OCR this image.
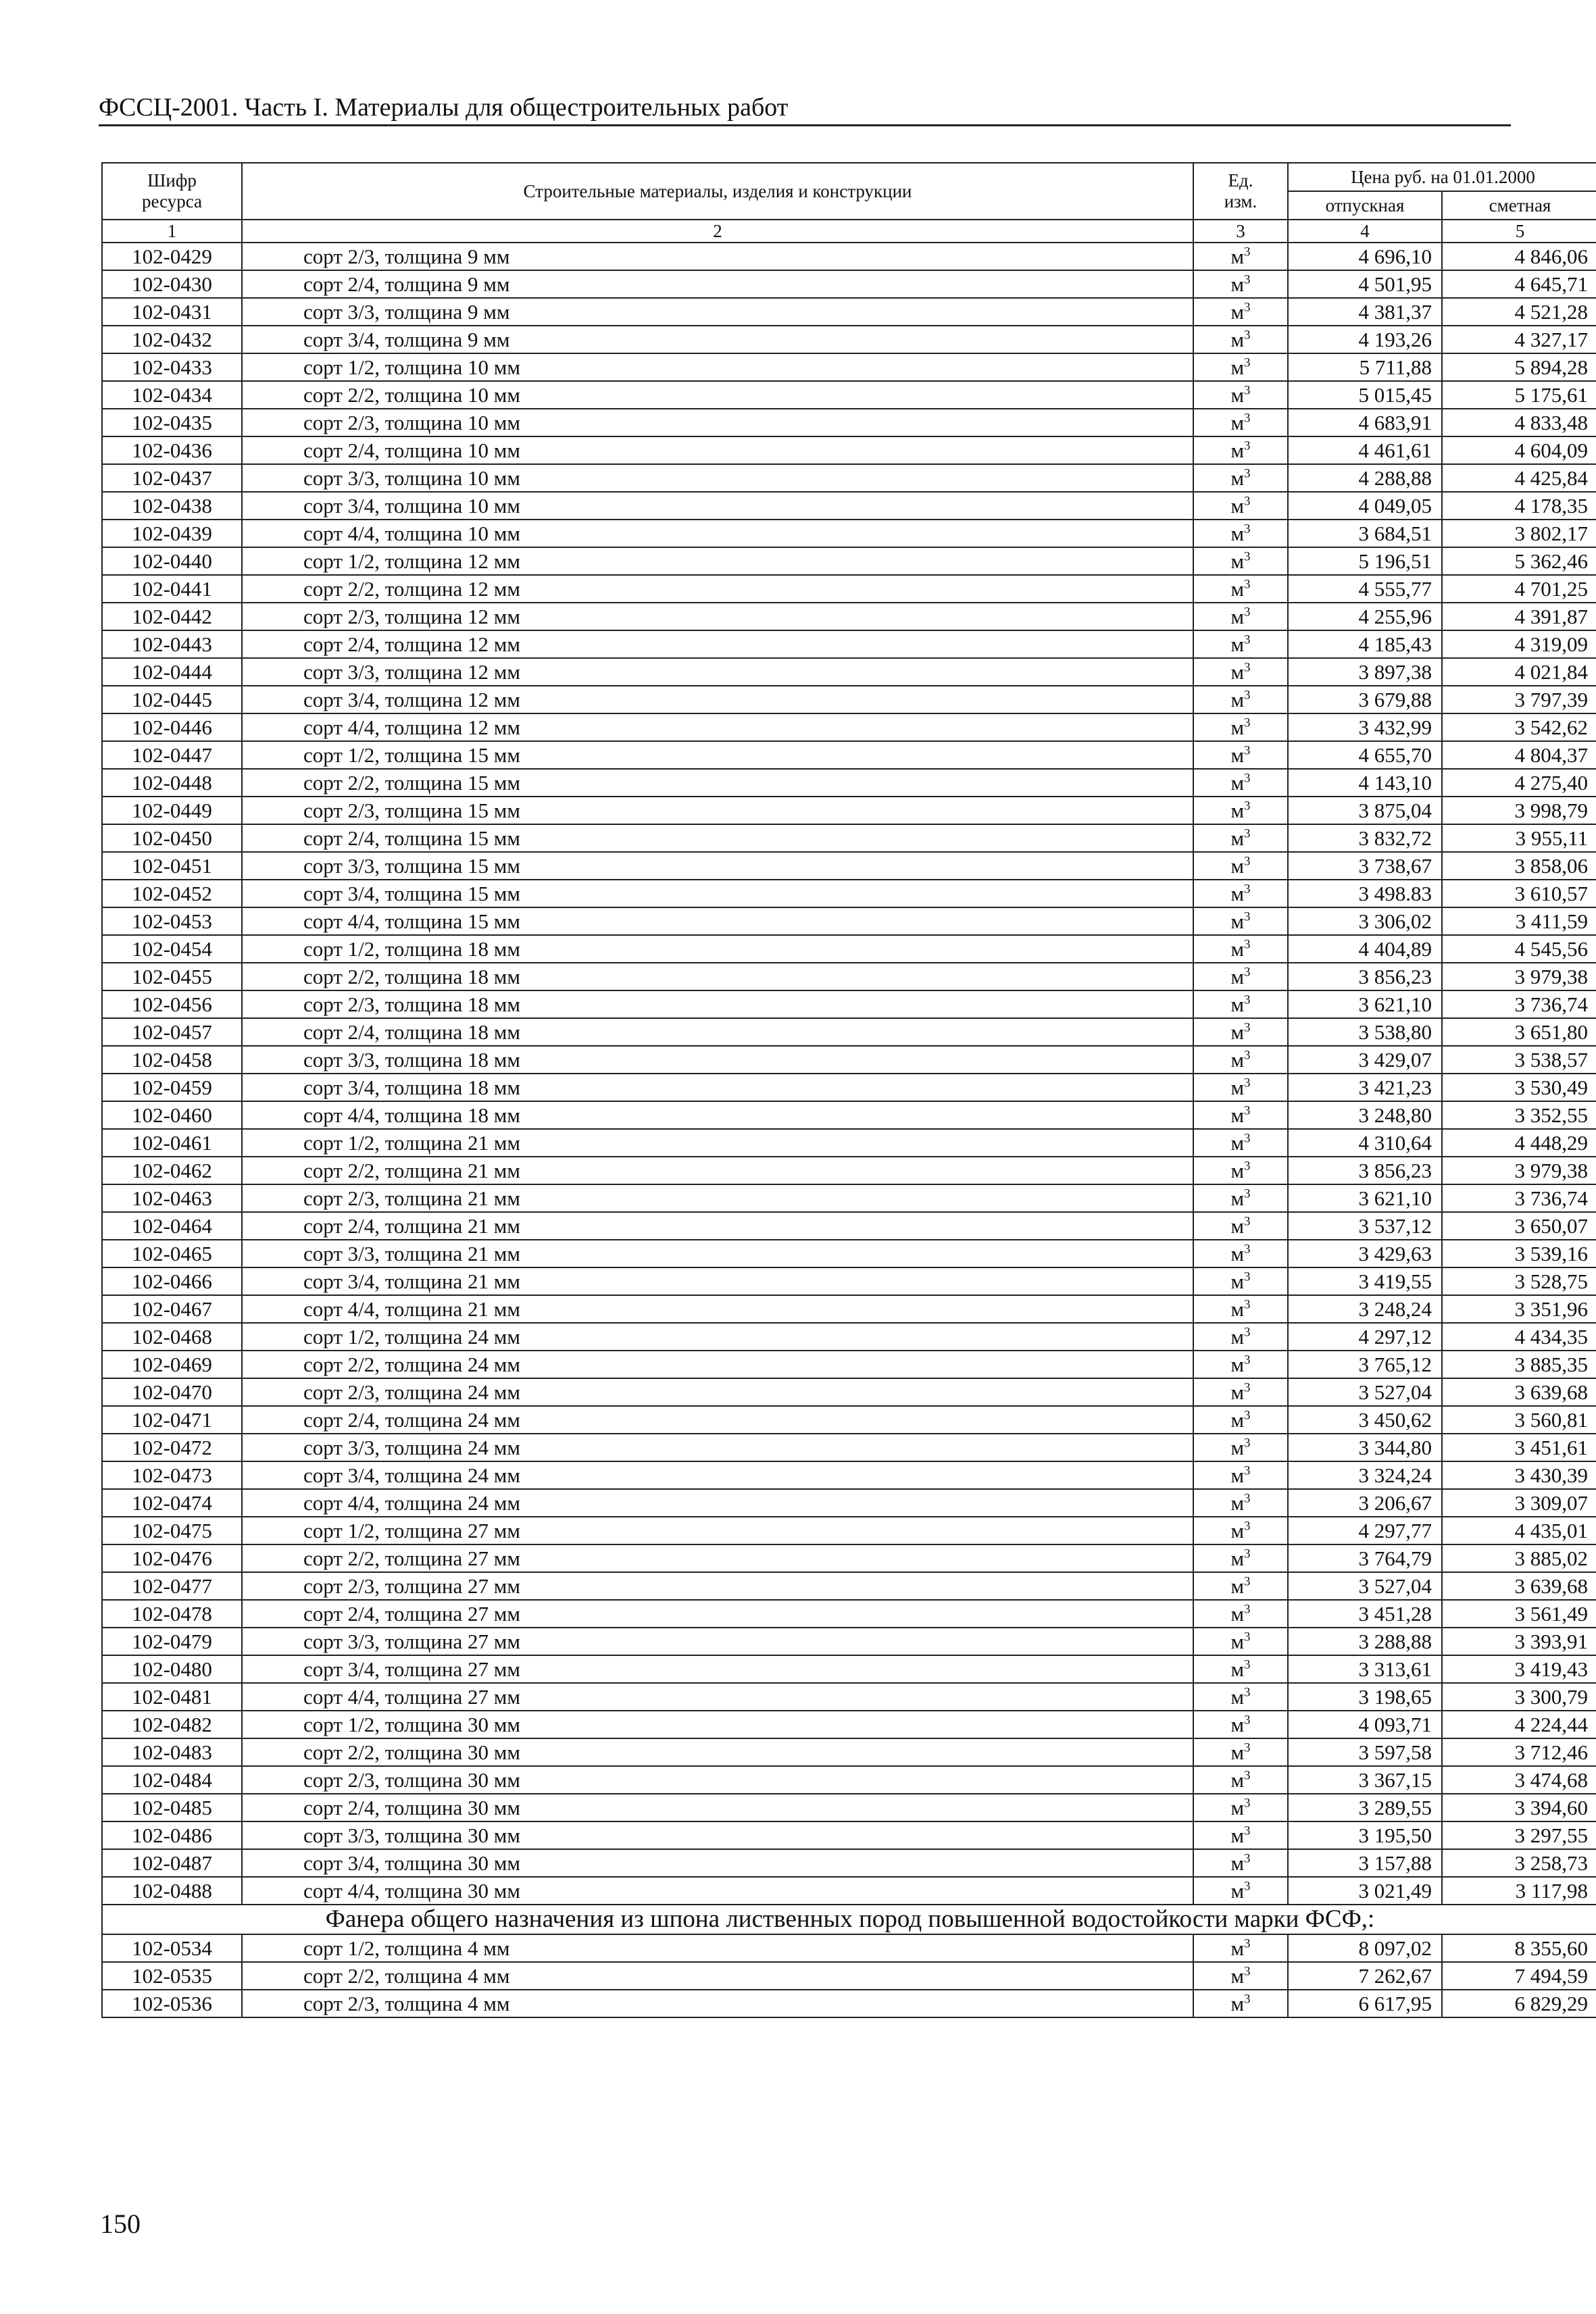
ФССЦ-2001. Часть I. Материалы для общестроительных работ
Шифр ресурса	Строительные материалы, изделия и конструкции	Ед. изм.	Цена руб. на 01.01.2000	
			отпускная	сметная
1	2	3	4	5
102-0429	сорт 2/3, толщина 9 мм	$м^3$	4 696,10	4 846,06
102-0430	сорт 2/4, толщина 9 мм	$м^3$	4 501,95	4 645,71
102-0431	сорт 3/3, толщина 9 мм	$м^3$	4 381,37	4 521,28
102-0432	сорт 3/4, толщина 9 мм	$м^3$	4 193,26	4 327,17
102-0433	сорт 1/2, толщина 10 мм	$м^3$	5 711,88	5 894,28
102-0434	сорт 2/2, толщина 10 мм	$м^3$	5 015,45	5 175,61
102-0435	сорт 2/3, толщина 10 мм	$м^3$	4 683,91	4 833,48
102-0436	сорт 2/4, толщина 10 мм	$м^3$	4 461,61	4 604,09
102-0437	сорт 3/3, толщина 10 мм	$м^3$	4 288,88	4 425,84
102-0438	сорт 3/4, толщина 10 мм	$м^3$	4 049,05	4 178,35
102-0439	сорт 4/4, толщина 10 мм	$м^3$	3 684,51	3 802,17
102-0440	сорт 1/2, толщина 12 мм	$м^3$	5 196,51	5 362,46
102-0441	сорт 2/2, толщина 12 мм	$м^3$	4 555,77	4 701,25
102-0442	сорт 2/3, толщина 12 мм	$м^3$	4 255,96	4 391,87
102-0443	сорт 2/4, толщина 12 мм	$м^3$	4 185,43	4 319,09
102-0444	сорт 3/3, толщина 12 мм	$м^3$	3 897,38	4 021,84
102-0445	сорт 3/4, толщина 12 мм	$м^3$	3 679,88	3 797,39
102-0446	сорт 4/4, толщина 12 мм	$м^3$	3 432,99	3 542,62
102-0447	сорт 1/2, толщина 15 мм	$м^3$	4 655,70	4 804,37
102-0448	сорт 2/2, толщина 15 мм	$м^3$	4 143,10	4 275,40
102-0449	сорт 2/3, толщина 15 мм	$м^3$	3 875,04	3 998,79
102-0450	сорт 2/4, толщина 15 мм	$м^3$	3 832,72	3 955,11
102-0451	сорт 3/3, толщина 15 мм	$м^3$	3 738,67	3 858,06
102-0452	сорт 3/4, толщина 15 мм	$м^3$	3 498.83	3 610,57
102-0453	сорт 4/4, толщина 15 мм	$м^3$	3 306,02	3 411,59
102-0454	сорт 1/2, толщина 18 мм	$м^3$	4 404,89	4 545,56
102-0455	сорт 2/2, толщина 18 мм	$м^3$	3 856,23	3 979,38
102-0456	сорт 2/3, толщина 18 мм	$м^3$	3 621,10	3 736,74
102-0457	сорт 2/4, толщина 18 мм	$м^3$	3 538,80	3 651,80
102-0458	сорт 3/3, толщина 18 мм	$м^3$	3 429,07	3 538,57
102-0459	сорт 3/4, толщина 18 мм	$м^3$	3 421,23	3 530,49
102-0460	сорт 4/4, толщина 18 мм	$м^3$	3 248,80	3 352,55
102-0461	сорт 1/2, толщина 21 мм	$м^3$	4 310,64	4 448,29
102-0462	сорт 2/2, толщина 21 мм	$м^3$	3 856,23	3 979,38
102-0463	сорт 2/3, толщина 21 мм	$м^3$	3 621,10	3 736,74
102-0464	сорт 2/4, толщина 21 мм	$м^3$	3 537,12	3 650,07
102-0465	сорт 3/3, толщина 21 мм	$м^3$	3 429,63	3 539,16
102-0466	сорт 3/4, толщина 21 мм	$м^3$	3 419,55	3 528,75
102-0467	сорт 4/4, толщина 21 мм	$м^3$	3 248,24	3 351,96
102-0468	сорт 1/2, толщина 24 мм	$м^3$	4 297,12	4 434,35
102-0469	сорт 2/2, толщина 24 мм	$м^3$	3 765,12	3 885,35
102-0470	сорт 2/3, толщина 24 мм	$м^3$	3 527,04	3 639,68
102-0471	сорт 2/4, толщина 24 мм	$м^3$	3 450,62	3 560,81
102-0472	сорт 3/3, толщина 24 мм	$м^3$	3 344,80	3 451,61
102-0473	сорт 3/4, толщина 24 мм	$м^3$	3 324,24	3 430,39
102-0474	сорт 4/4, толщина 24 мм	$м^3$	3 206,67	3 309,07
102-0475	сорт 1/2, толщина 27 мм	$м^3$	4 297,77	4 435,01
102-0476	сорт 2/2, толщина 27 мм	$м^3$	3 764,79	3 885,02
102-0477	сорт 2/3, толщина 27 мм	$м^3$	3 527,04	3 639,68
102-0478	сорт 2/4, толщина 27 мм	$м^3$	3 451,28	3 561,49
102-0479	сорт 3/3, толщина 27 мм	$м^3$	3 288,88	3 393,91
102-0480	сорт 3/4, толщина 27 мм	$м^3$	3 313,61	3 419,43
102-0481	сорт 4/4, толщина 27 мм	$м^3$	3 198,65	3 300,79
102-0482	сорт 1/2, толщина 30 мм	$м^3$	4 093,71	4 224,44
102-0483	сорт 2/2, толщина 30 мм	$м^3$	3 597,58	3 712,46
102-0484	сорт 2/3, толщина 30 мм	$м^3$	3 367,15	3 474,68
102-0485	сорт 2/4, толщина 30 мм	$м^3$	3 289,55	3 394,60
102-0486	сорт 3/3, толщина 30 мм	$м^3$	3 195,50	3 297,55
102-0487	сорт 3/4, толщина 30 мм	$м^3$	3 157,88	3 258,73
102-0488	сорт 4/4, толщина 30 мм	$м^3$	3 021,49	3 117,98
Фанера общего назначения из шпона лиственных пород повышенной водостойкости марки ФСФ,:				
102-0534	сорт 1/2, толщина 4 мм	$м^3$	8 097,02	8 355,60
102-0535	сорт 2/2, толщина 4 мм	$м^3$	7 262,67	7 494,59
102-0536	сорт 2/3, толщина 4 мм	$м^3$	6 617,95	6 829,29
150
